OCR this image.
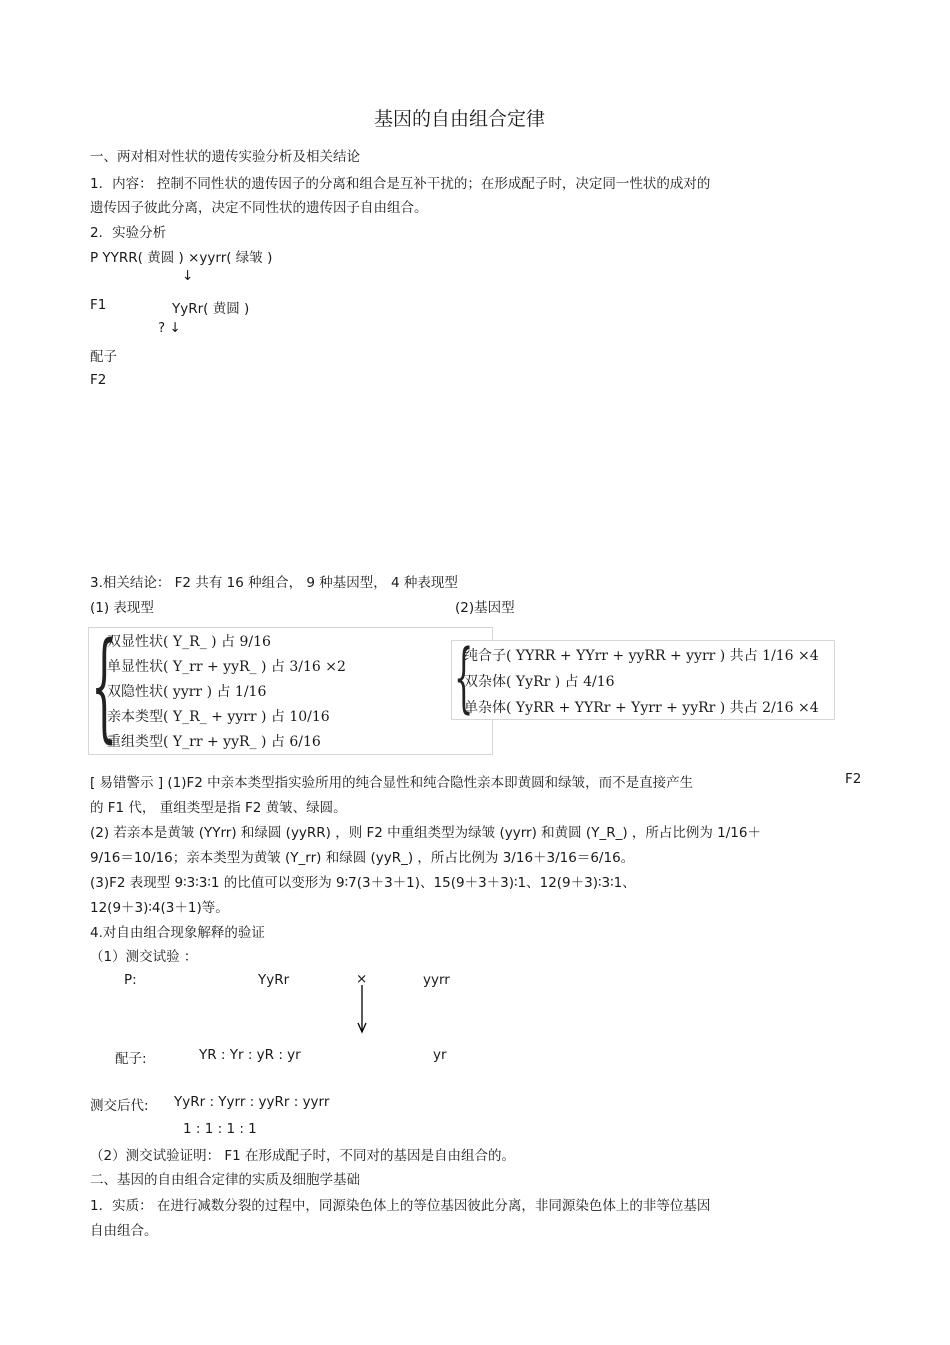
基因的自由组合定律
一、两对相对性状的遗传实验分析及相关结论
1．内容： 控制不同性状的遗传因子的分离和组合是互补干扰的；在形成配子时，决定同一性状的成对的
遗传因子彼此分离，决定不同性状的遗传因子自由组合。
2．实验分析
P YYRR( 黄圆 ) ×yyrr( 绿皱 )
↓
F1	YyRr( 黄圆 )
? ↓
配子
F2
3.相关结论： F2 共有 16 种组合， 9 种基因型， 4 种表现型
(1) 表现型	(2)基因型
{
双显性状( Y_R_ ) 占 9/16
单显性状( Y_rr + yyR_ ) 占 3/16 ×2
双隐性状( yyrr ) 占 1/16
亲本类型( Y_R_ + yyrr ) 占 10/16
重组类型( Y_rr + yyR_ ) 占 6/16
{
纯合子( YYRR + YYrr + yyRR + yyrr ) 共占 1/16 ×4
双杂体( YyRr ) 占 4/16
单杂体( YyRR + YYRr + Yyrr + yyRr ) 共占 2/16 ×4
[ 易错警示 ] (1)F2 中亲本类型指实验所用的纯合显性和纯合隐性亲本即黄圆和绿皱，而不是直接产生	F2
的 F1 代， 重组类型是指 F2 黄皱、绿圆。
(2) 若亲本是黄皱 (YYrr) 和绿圆 (yyRR) ，则 F2 中重组类型为绿皱 (yyrr) 和黄圆 (Y_R_) ，所占比例为 1/16＋
9/16＝10/16；亲本类型为黄皱 (Y_rr) 和绿圆 (yyR_) ，所占比例为 3/16＋3/16＝6/16。
(3)F2 表现型 9∶3∶3∶1 的比值可以变形为 9∶7(3＋3＋1)、15(9＋3＋3)∶1、12(9＋3)∶3∶1、
12(9＋3)∶4(3＋1)等。
4.对自由组合现象解释的验证
（1）测交试验 ：
P:	YyRr	×	yyrr
配子:	YR : Yr : yR : yr	yr
测交后代: YyRr : Yyrr : yyRr : yyrr
1 : 1 : 1 : 1
（2）测交试验证明： F1 在形成配子时，不同对的基因是自由组合的。
二、基因的自由组合定律的实质及细胞学基础
1．实质： 在进行减数分裂的过程中，同源染色体上的等位基因彼此分离，非同源染色体上的非等位基因
自由组合。
